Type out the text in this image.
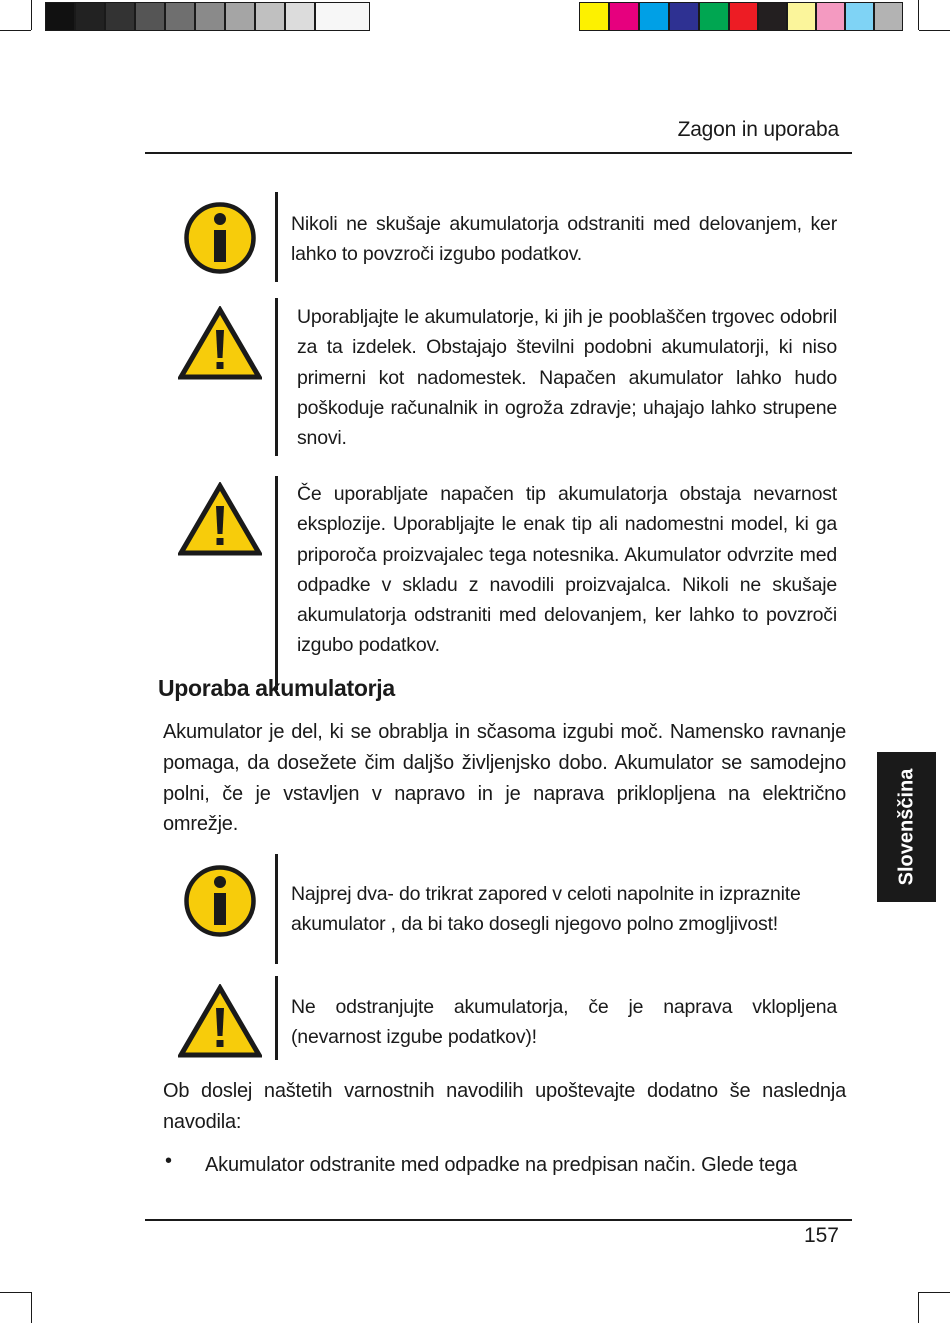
Zagon in uporaba
Nikoli ne skušaje akumulatorja odstraniti med delovanjem, ker lahko to povzroči izgubo podatkov.
Uporabljajte le akumulatorje, ki jih je pooblaščen trgovec odobril za ta izdelek. Obstajajo številni podobni akumulatorji, ki niso primerni kot nadomestek. Napačen akumulator lahko hudo poškoduje računalnik in ogroža zdravje; uhajajo lahko strupene snovi.
Če uporabljate napačen tip akumulatorja obstaja nevarnost eksplozije. Uporabljajte le enak tip ali nadomestni model, ki ga priporoča proizvajalec tega notesnika. Akumulator odvrzite med odpadke v skladu z navodili proizvajalca. Nikoli ne skušaje akumulatorja odstraniti med delovanjem, ker lahko to povzroči izgubo podatkov.
Uporaba akumulatorja
Akumulator je del, ki se obrablja in sčasoma izgubi moč. Namensko ravnanje pomaga, da dosežete čim daljšo življenjsko dobo. Akumulator se samodejno polni, če je vstavljen v napravo in je naprava priklopljena na električno omrežje.
Najprej dva- do trikrat zapored v celoti napolnite in izpraznite akumulator , da bi tako dosegli njegovo polno zmogljivost!
Ne odstranjujte akumulatorja, če je naprava vklopljena (nevarnost izgube podatkov)!
Ob doslej naštetih varnostnih navodilih upoštevajte dodatno še naslednja navodila:
• Akumulator odstranite med odpadke na predpisan način. Glede tega
Slovenščina
157
